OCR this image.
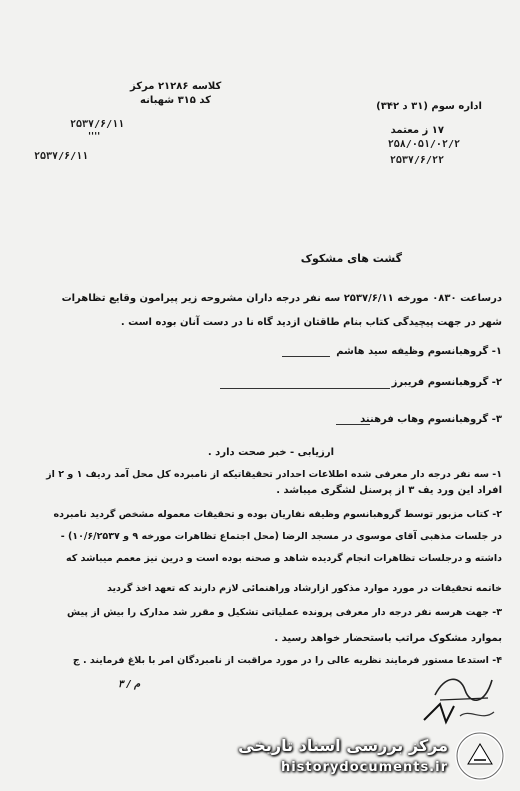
کلاسه ۲۱۲۸۶ مرکز
کد ۳۱۵ شهبانه
۲۵۳۷/۶/۱۱
''''
۲۵۳۷/۶/۱۱
اداره سوم (۳۱ د ۳۴۲)
۱۷ ز معتمد
۲۵۸/۰۵۱/۰۲/۲
۲۵۳۷/۶/۲۲
گشت های مشکوک
درساعت ۰۸۳۰ مورخه ۲۵۳۷/۶/۱۱ سه نفر درجه داران مشروحه زیر پیرامون وقایع تظاهرات
شهر در جهت پیچیدگی کتاب بنام طاقتان ازدید گاه نا در دست آنان بوده است .
۱- گروهبانسوم وظیفه سید هاشم
۲- گروهبانسوم فریبرز
۳- گروهبانسوم وهاب فرهنند
ارزیابی - خبر صحت دارد .
۱- سه نفر درجه دار معرفی شده اطلاعات احدادر تحقیقاتیکه از نامبرده کل محل آمد ردیف ۱ و ۲ از
افراد این ورد یف ۳ از پرسنل لشگری میباشد .
۲- کتاب مزبور توسط گروهبانسوم وظیفه نفاریان بوده و تحقیقات معموله مشخص گردید نامبرده
در جلسات مذهبی آقای موسوی در مسجد الرضا (محل اجتماع تظاهرات مورخه ۹ و ۱۰/۶/۲۵۳۷) -
داشته و درجلسات تظاهرات انجام گردیده شاهد و صحنه بوده است و درین نیز معمم میباشد که
خاتمه تحقیقات در مورد موارد مذکور ازارشاد وراهنمائی لازم دارند که تعهد اخذ گردید
۳- جهت هرسه نفر درجه دار معرفی پرونده عملیاتی تشکیل و مقرر شد مدارک را بیش از پیش
بموارد مشکوک مراتب باستحضار خواهد رسید .
۴- استدعا مستور فرمایند نظریه عالی را در مورد مراقبت از نامبردگان امر با بلاغ فرمایند . ج
م / ۳
مرکز بررسی اسناد تاریخی
historydocuments.ir
